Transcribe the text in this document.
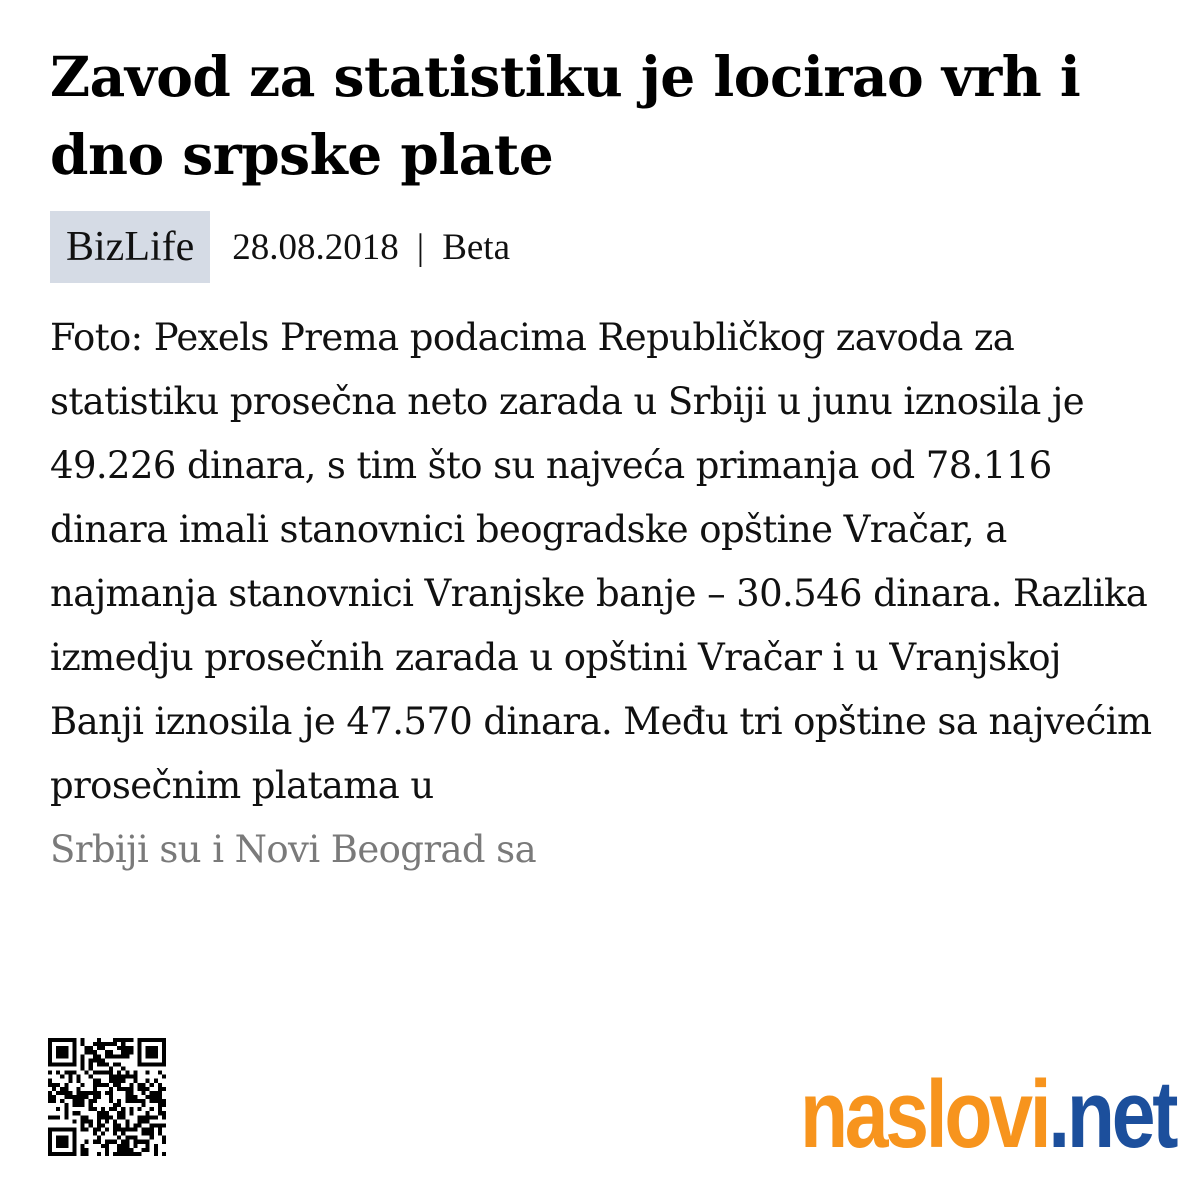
Zavod za statistiku je locirao vrh i dno srpske plate
BizLife	28.08.2018 | Beta

Foto: Pexels Prema podacima Republičkog zavoda za statistiku prosečna neto zarada u Srbiji u junu iznosila je 49.226 dinara, s tim što su najveća primanja od 78.116 dinara imali stanovnici beogradske opštine Vračar, a najmanja stanovnici Vranjske banje – 30.546 dinara. Razlika izmedju prosečnih zarada u opštini Vračar i u Vranjskoj Banji iznosila je 47.570 dinara. Među tri opštine sa najvećim prosečnim platama u
Srbiji su i Novi Beograd sa

naslovi.net
